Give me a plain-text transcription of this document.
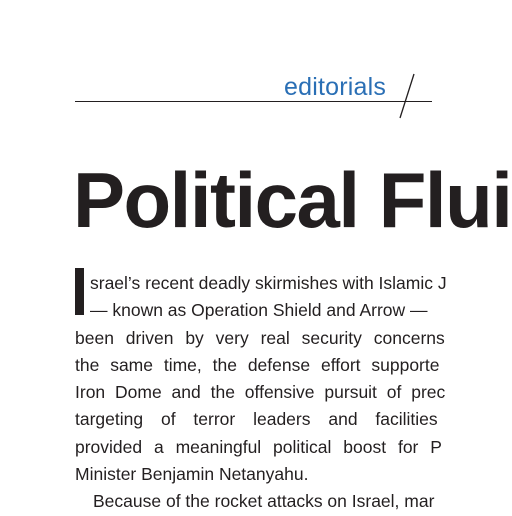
editorials
Political Flui
srael’s recent deadly skirmishes with Islamic J
— known as Operation Shield and Arrow —
been driven by very real security concerns
the same time, the defense effort supporte
Iron Dome and the offensive pursuit of prec
targeting of terror leaders and facilities
provided a meaningful political boost for P
Minister Benjamin Netanyahu.
Because of the rocket attacks on Israel, mar
